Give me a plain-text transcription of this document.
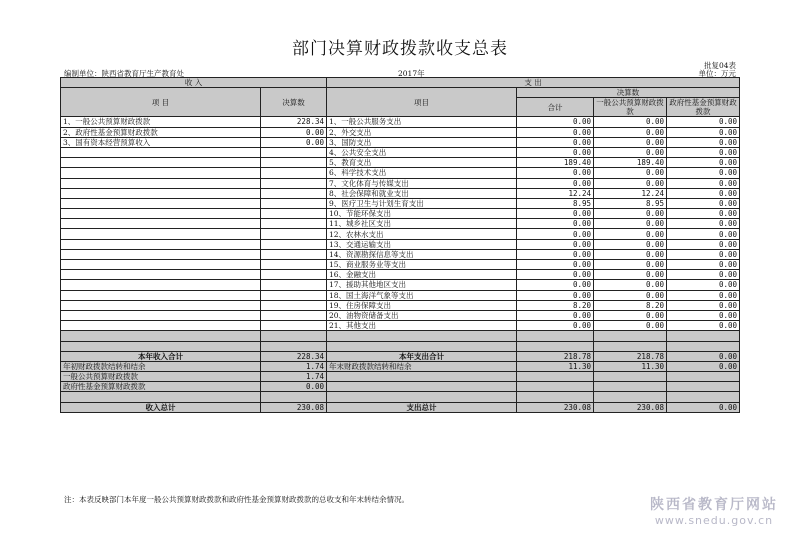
部门决算财政拨款收支总表
批复04表
编制单位：陕西省教育厅生产教育处	2017年	单位：万元
收 入		支 出			
项 目	决算数	项目	决算数		
			合计	一般公共预算财政拨款	政府性基金预算财政拨款
1、一般公共预算财政拨款	228.34	1、一般公共服务支出	0.00	0.00	0.00
2、政府性基金预算财政拨款	0.00	2、外交支出	0.00	0.00	0.00
3、国有资本经营预算收入	0.00	3、国防支出	0.00	0.00	0.00
		4、公共安全支出	0.00	0.00	0.00
		5、教育支出	189.40	189.40	0.00
		6、科学技术支出	0.00	0.00	0.00
		7、文化体育与传媒支出	0.00	0.00	0.00
		8、社会保障和就业支出	12.24	12.24	0.00
		9、医疗卫生与计划生育支出	8.95	8.95	0.00
		10、节能环保支出	0.00	0.00	0.00
		11、城乡社区支出	0.00	0.00	0.00
		12、农林水支出	0.00	0.00	0.00
		13、交通运输支出	0.00	0.00	0.00
		14、资源勘探信息等支出	0.00	0.00	0.00
		15、商业服务业等支出	0.00	0.00	0.00
		16、金融支出	0.00	0.00	0.00
		17、援助其他地区支出	0.00	0.00	0.00
		18、国土海洋气象等支出	0.00	0.00	0.00
		19、住房保障支出	8.20	8.20	0.00
		20、油物资储备支出	0.00	0.00	0.00
		21、其他支出	0.00	0.00	0.00

本年收入合计	228.34	本年支出合计	218.78	218.78	0.00
年初财政拨款结转和结余	1.74	年末财政拨款结转和结余	11.30	11.30	0.00
一般公共预算财政拨款	1.74				
政府性基金预算财政拨款	0.00				

收入总计	230.08	支出总计	230.08	230.08	0.00
注：本表反映部门本年度一般公共预算财政拨款和政府性基金预算财政拨款的总收支和年末转结余情况。	陕西省教育厅网站
www.snedu.gov.cn
